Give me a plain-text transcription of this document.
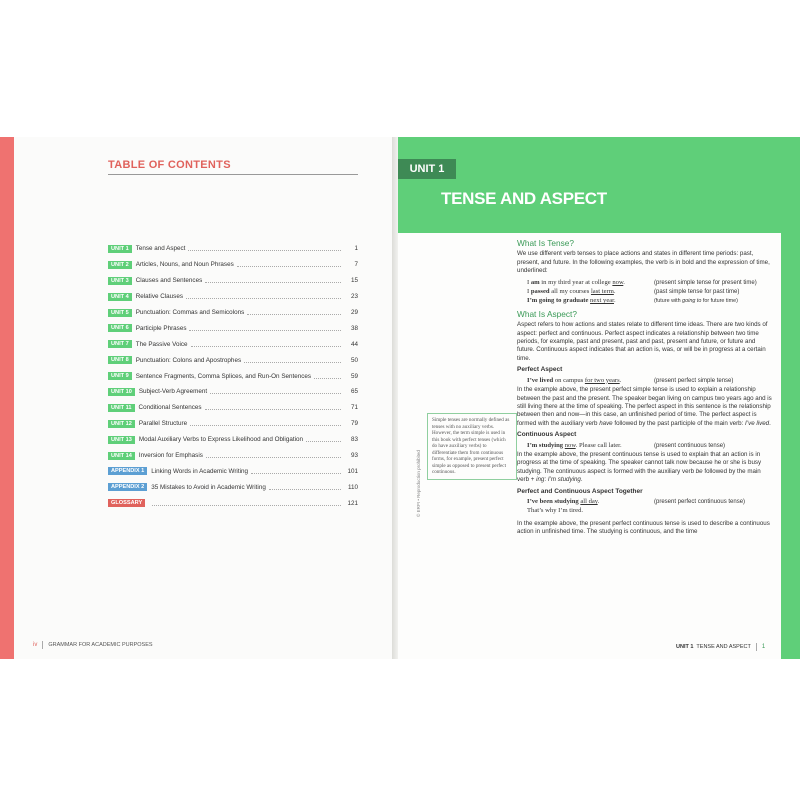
TABLE OF CONTENTS
UNIT 1	Tense and Aspect	1
UNIT 2	Articles, Nouns, and Noun Phrases	7
UNIT 3	Clauses and Sentences	15
UNIT 4	Relative Clauses	23
UNIT 5	Punctuation: Commas and Semicolons	29
UNIT 6	Participle Phrases	38
UNIT 7	The Passive Voice	44
UNIT 8	Punctuation: Colons and Apostrophes	50
UNIT 9	Sentence Fragments, Comma Splices, and Run-On Sentences	59
UNIT 10	Subject-Verb Agreement	65
UNIT 11	Conditional Sentences	71
UNIT 12	Parallel Structure	79
UNIT 13	Modal Auxiliary Verbs to Express Likelihood and Obligation	83
UNIT 14	Inversion for Emphasis	93
APPENDIX 1	Linking Words in Academic Writing	101
APPENDIX 2	35 Mistakes to Avoid in Academic Writing	110
GLOSSARY	121
iv GRAMMAR FOR ACADEMIC PURPOSES
UNIT 1
TENSE AND ASPECT
Simple tenses are normally defined as tenses with no auxiliary verbs. However, the term simple is used in this book with perfect tenses (which do have auxiliary verbs) to differentiate them from continuous forms, for example, present perfect simple as opposed to present perfect continuous.
© ERPI • Reproduction prohibited
What Is Tense?

We use different verb tenses to place actions and states in different time periods: past, present, and future. In the following examples, the verb is in bold and the expression of time, underlined:

I am in my third year at college now.	(present simple tense for present time)
I passed all my courses last term.	(past simple tense for past time)
I’m going to graduate next year.	(future with going to for future time)
What Is Aspect?

Aspect refers to how actions and states relate to different time ideas. There are two kinds of aspect: perfect and continuous. Perfect aspect indicates a relationship between two time periods, for example, past and present, past and past, present and future, or future and future. Continuous aspect indicates that an action is, was, or will be in progress at a certain time.

Perfect Aspect
I’ve lived on campus for two years.	(present perfect simple tense)

In the example above, the present perfect simple tense is used to explain a relationship between the past and the present. The speaker began living on campus two years ago and is still living there at the time of speaking. The perfect aspect in this sentence is the relationship between then and now—in this case, an unfinished period of time. The perfect aspect is formed with the auxiliary verb have followed by the past participle of the main verb: I’ve lived.

Continuous Aspect
I’m studying now. Please call later.	(present continuous tense)

In the example above, the present continuous tense is used to explain that an action is in progress at the time of speaking. The speaker cannot talk now because he or she is busy studying. The continuous aspect is formed with the auxiliary verb be followed by the main verb + ing: I’m studying.

Perfect and Continuous Aspect Together
I’ve been studying all day.	(present perfect continuous tense)
That’s why I’m tired.

In the example above, the present perfect continuous tense is used to describe a continuous action in unfinished time. The studying is continuous, and the time

UNIT 1 TENSE AND ASPECT 1
